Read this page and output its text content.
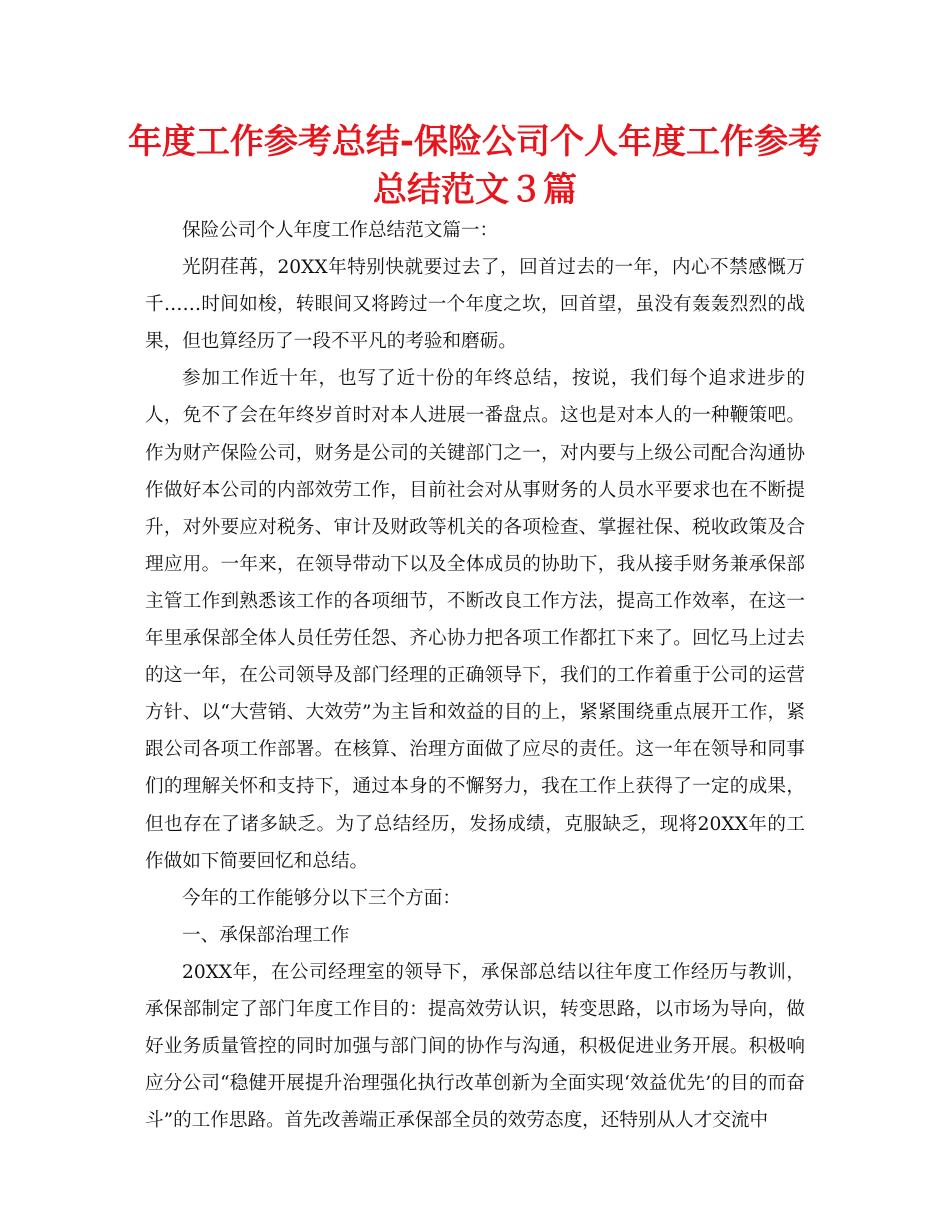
年度工作参考总结-保险公司个人年度工作参考总结范文３篇

保险公司个人年度工作总结范文篇一：

光阴荏苒，20XX年特别快就要过去了，回首过去的一年，内心不禁感慨万千……时间如梭，转眼间又将跨过一个年度之坎，回首望，虽没有轰轰烈烈的战果，但也算经历了一段不平凡的考验和磨砺。

参加工作近十年，也写了近十份的年终总结，按说，我们每个追求进步的人，免不了会在年终岁首时对本人进展一番盘点。这也是对本人的一种鞭策吧。作为财产保险公司，财务是公司的关键部门之一，对内要与上级公司配合沟通协作做好本公司的内部效劳工作，目前社会对从事财务的人员水平要求也在不断提升，对外要应对税务、审计及财政等机关的各项检查、掌握社保、税收政策及合理应用。一年来，在领导带动下以及全体成员的协助下，我从接手财务兼承保部主管工作到熟悉该工作的各项细节，不断改良工作方法，提高工作效率，在这一年里承保部全体人员任劳任怨、齐心协力把各项工作都扛下来了。回忆马上过去的这一年，在公司领导及部门经理的正确领导下，我们的工作着重于公司的运营方针、以“大营销、大效劳”为主旨和效益的目的上，紧紧围绕重点展开工作，紧跟公司各项工作部署。在核算、治理方面做了应尽的责任。这一年在领导和同事们的理解关怀和支持下，通过本身的不懈努力，我在工作上获得了一定的成果，但也存在了诸多缺乏。为了总结经历，发扬成绩，克服缺乏，现将20XX年的工作做如下简要回忆和总结。

今年的工作能够分以下三个方面：

一、承保部治理工作

20XX年，在公司经理室的领导下，承保部总结以往年度工作经历与教训，承保部制定了部门年度工作目的：提高效劳认识，转变思路，以市场为导向，做好业务质量管控的同时加强与部门间的协作与沟通，积极促进业务开展。积极响应分公司“稳健开展提升治理强化执行改革创新为全面实现‘效益优先’的目的而奋斗”的工作思路。首先改善端正承保部全员的效劳态度，还特别从人才交流中
